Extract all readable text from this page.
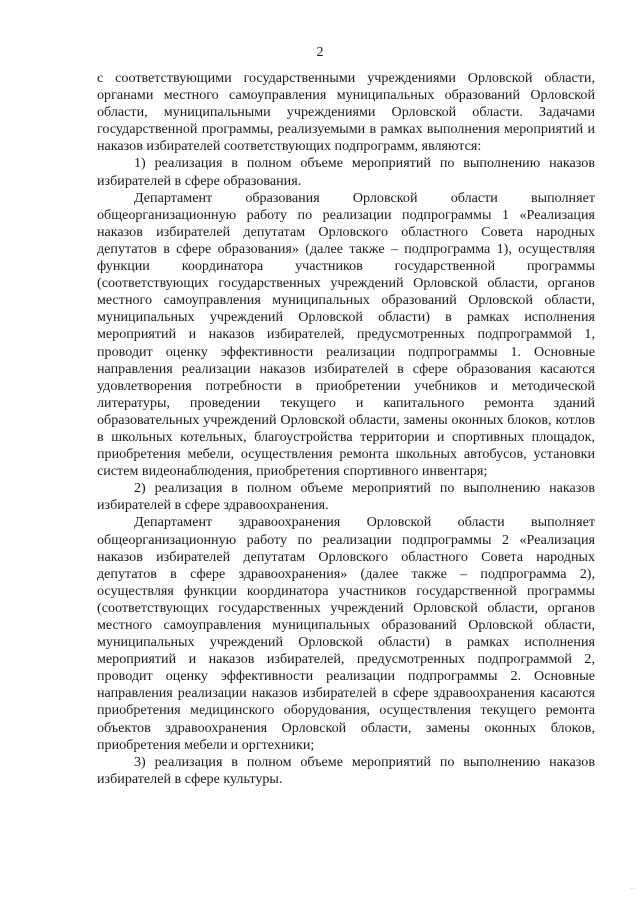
2

с соответствующими государственными учреждениями Орловской области, органами местного самоуправления муниципальных образований Орловской области, муниципальными учреждениями Орловской области. Задачами государственной программы, реализуемыми в рамках выполнения мероприятий и наказов избирателей соответствующих подпрограмм, являются:

1) реализация в полном объеме мероприятий по выполнению наказов избирателей в сфере образования.

Департамент образования Орловской области выполняет общеорганизационную работу по реализации подпрограммы 1 «Реализация наказов избирателей депутатам Орловского областного Совета народных депутатов в сфере образования» (далее также – подпрограмма 1), осуществляя функции координатора участников государственной программы (соответствующих государственных учреждений Орловской области, органов местного самоуправления муниципальных образований Орловской области, муниципальных учреждений Орловской области) в рамках исполнения мероприятий и наказов избирателей, предусмотренных подпрограммой 1, проводит оценку эффективности реализации подпрограммы 1. Основные направления реализации наказов избирателей в сфере образования касаются удовлетворения потребности в приобретении учебников и методической литературы, проведении текущего и капитального ремонта зданий образовательных учреждений Орловской области, замены оконных блоков, котлов в школьных котельных, благоустройства территории и спортивных площадок, приобретения мебели, осуществления ремонта школьных автобусов, установки систем видеонаблюдения, приобретения спортивного инвентаря;

2) реализация в полном объеме мероприятий по выполнению наказов избирателей в сфере здравоохранения.

Департамент здравоохранения Орловской области выполняет общеорганизационную работу по реализации подпрограммы 2 «Реализация наказов избирателей депутатам Орловского областного Совета народных депутатов в сфере здравоохранения» (далее также – подпрограмма 2), осуществляя функции координатора участников государственной программы (соответствующих государственных учреждений Орловской области, органов местного самоуправления муниципальных образований Орловской области, муниципальных учреждений Орловской области) в рамках исполнения мероприятий и наказов избирателей, предусмотренных подпрограммой 2, проводит оценку эффективности реализации подпрограммы 2. Основные направления реализации наказов избирателей в сфере здравоохранения касаются приобретения медицинского оборудования, осуществления текущего ремонта объектов здравоохранения Орловской области, замены оконных блоков, приобретения мебели и оргтехники;

3) реализация в полном объеме мероприятий по выполнению наказов избирателей в сфере культуры.

··
